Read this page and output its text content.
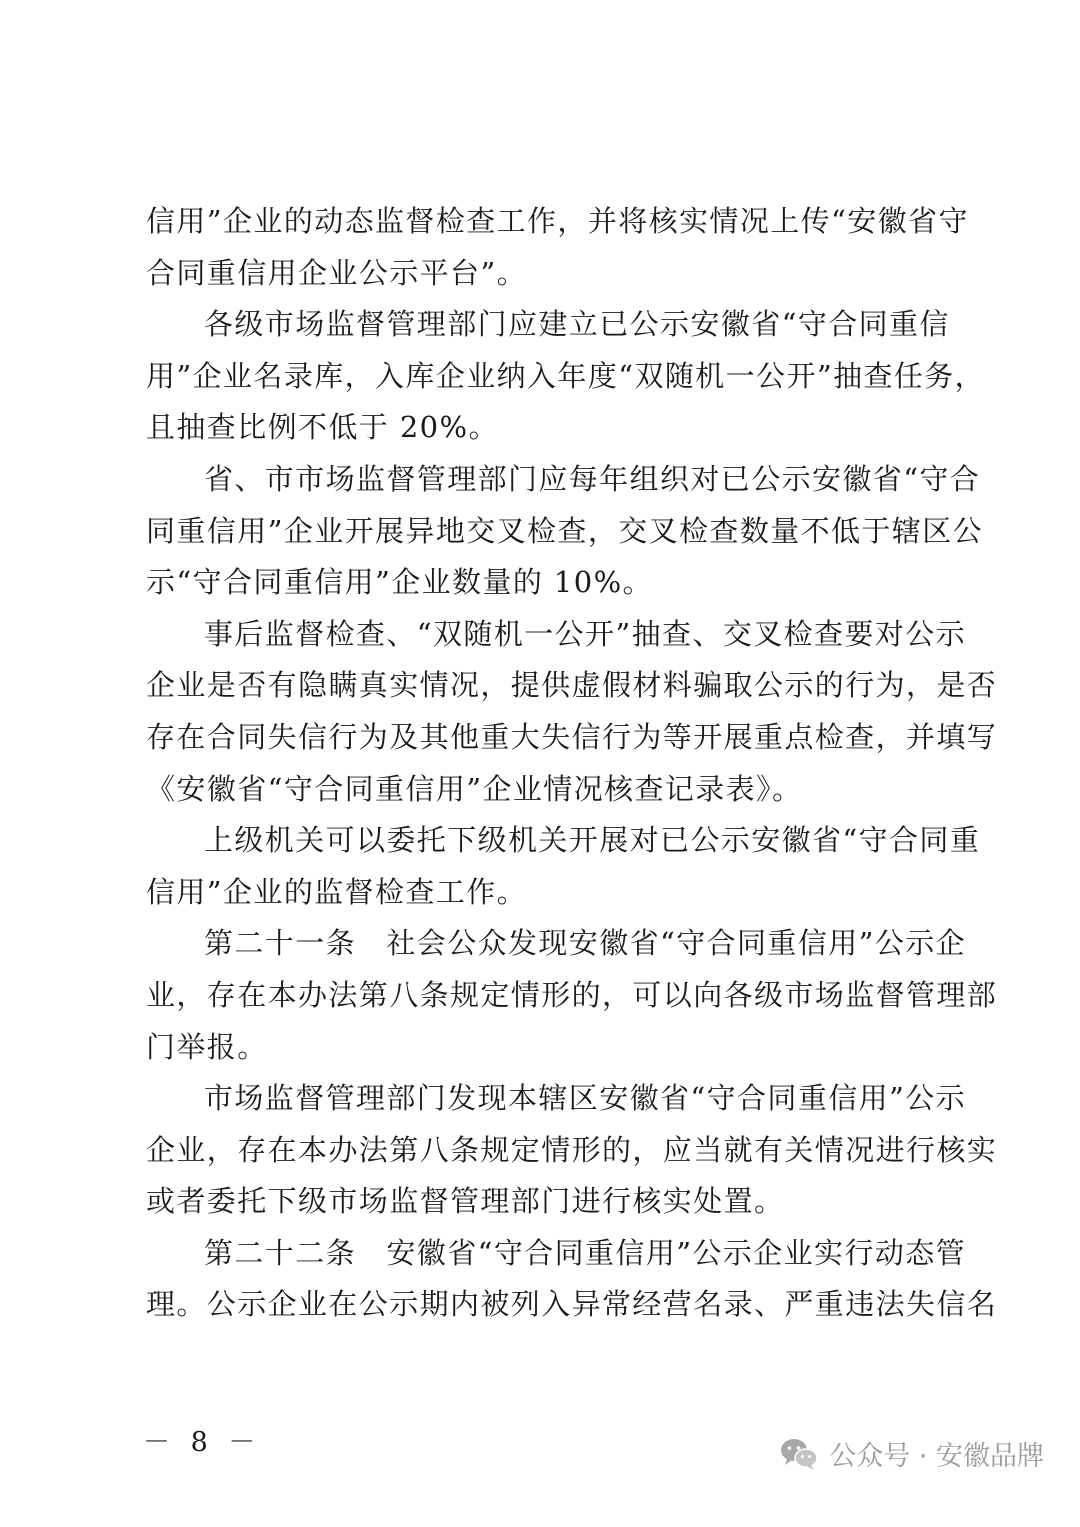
信用”企业的动态监督检查工作，并将核实情况上传“安徽省守
合同重信用企业公示平台”。
各级市场监督管理部门应建立已公示安徽省“守合同重信
用”企业名录库，入库企业纳入年度“双随机一公开”抽查任务，
且抽查比例不低于 20%。
省、市市场监督管理部门应每年组织对已公示安徽省“守合
同重信用”企业开展异地交叉检查，交叉检查数量不低于辖区公
示“守合同重信用”企业数量的 10%。
事后监督检查、“双随机一公开”抽查、交叉检查要对公示
企业是否有隐瞒真实情况，提供虚假材料骗取公示的行为，是否
存在合同失信行为及其他重大失信行为等开展重点检查，并填写
《安徽省“守合同重信用”企业情况核查记录表》。
上级机关可以委托下级机关开展对已公示安徽省“守合同重
信用”企业的监督检查工作。
第二十一条　社会公众发现安徽省“守合同重信用”公示企
业，存在本办法第八条规定情形的，可以向各级市场监督管理部
门举报。
市场监督管理部门发现本辖区安徽省“守合同重信用”公示
企业，存在本办法第八条规定情形的，应当就有关情况进行核实
或者委托下级市场监督管理部门进行核实处置。
第二十二条　安徽省“守合同重信用”公示企业实行动态管
理。公示企业在公示期内被列入异常经营名录、严重违法失信名
－ 8 －	公众号 · 安徽品牌
